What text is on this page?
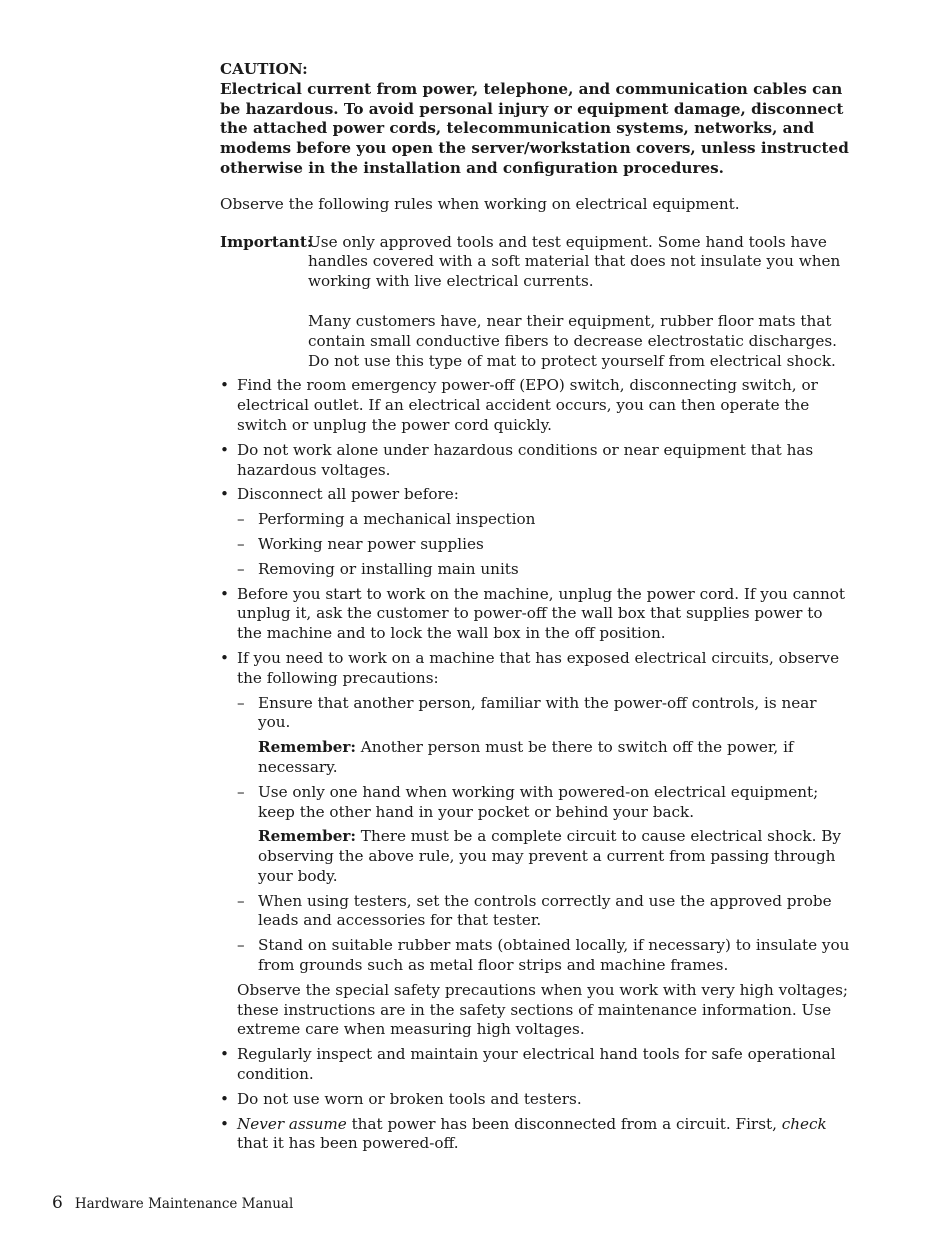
CAUTION:

Electrical current from power, telephone, and communication cables can be hazardous. To avoid personal injury or equipment damage, disconnect the attached power cords, telecommunication systems, networks, and modems before you open the server/workstation covers, unless instructed otherwise in the installation and configuration procedures.

Observe the following rules when working on electrical equipment.

Important:

Use only approved tools and test equipment. Some hand tools have handles covered with a soft material that does not insulate you when working with live electrical currents.

Many customers have, near their equipment, rubber floor mats that contain small conductive fibers to decrease electrostatic discharges. Do not use this type of mat to protect yourself from electrical shock.

• Find the room emergency power-off (EPO) switch, disconnecting switch, or electrical outlet. If an electrical accident occurs, you can then operate the switch or unplug the power cord quickly.
• Do not work alone under hazardous conditions or near equipment that has hazardous voltages.
• Disconnect all power before:
– Performing a mechanical inspection
– Working near power supplies
– Removing or installing main units
• Before you start to work on the machine, unplug the power cord. If you cannot unplug it, ask the customer to power-off the wall box that supplies power to the machine and to lock the wall box in the off position.
• If you need to work on a machine that has exposed electrical circuits, observe the following precautions:
– Ensure that another person, familiar with the power-off controls, is near you.
Remember: Another person must be there to switch off the power, if necessary.
– Use only one hand when working with powered-on electrical equipment; keep the other hand in your pocket or behind your back.
Remember: There must be a complete circuit to cause electrical shock. By observing the above rule, you may prevent a current from passing through your body.
– When using testers, set the controls correctly and use the approved probe leads and accessories for that tester.
– Stand on suitable rubber mats (obtained locally, if necessary) to insulate you from grounds such as metal floor strips and machine frames.
Observe the special safety precautions when you work with very high voltages; these instructions are in the safety sections of maintenance information. Use extreme care when measuring high voltages.
• Regularly inspect and maintain your electrical hand tools for safe operational condition.
• Do not use worn or broken tools and testers.
• Never assume that power has been disconnected from a circuit. First, check that it has been powered-off.
6 Hardware Maintenance Manual
